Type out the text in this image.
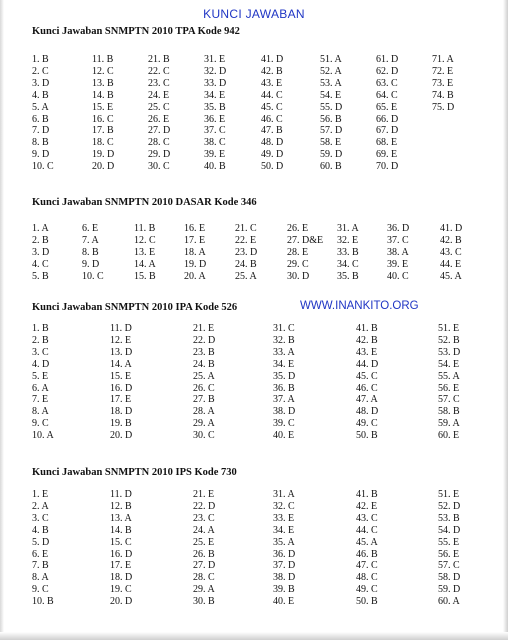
KUNCI JAWABAN
Kunci Jawaban SNMPTN 2010 TPA Kode 942
1. B
2. C
3. D
4. B
5. A
6. B
7. D
8. B
9. D
10. C
11. B
12. C
13. B
14. B
15. E
16. C
17. B
18. C
19. D
20. D
21. B
22. C
23. C
24. E
25. C
26. E
27. D
28. C
29. D
30. C
31. E
32. D
33. D
34. E
35. B
36. E
37. C
38. C
39. E
40. B
41. D
42. B
43. E
44. C
45. C
46. C
47. B
48. D
49. D
50. D
51. A
52. A
53. A
54. E
55. D
56. B
57. D
58. E
59. D
60. B
61. D
62. D
63. C
64. C
65. E
66. D
67. D
68. E
69. E
70. D
71. A
72. E
73. E
74. B
75. D
Kunci Jawaban SNMPTN 2010 DASAR Kode 346
1. A
2. B
3. D
4. C
5. B
6. E
7. A
8. B
9. D
10. C
11. B
12. C
13. E
14. A
15. B
16. E
17. E
18. A
19. D
20. A
21. C
22. E
23. D
24. B
25. A
26. E
27. D&E
28. E
29. C
30. D
31. A
32. E
33. B
34. C
35. B
36. D
37. C
38. A
39. E
40. C
41. D
42. B
43. C
44. E
45. A
Kunci Jawaban SNMPTN 2010 IPA Kode 526	WWW.INANKITO.ORG
1. B
2. B
3. C
4. D
5. E
6. A
7. E
8. A
9. C
10. A
11. D
12. E
13. D
14. A
15. E
16. D
17. E
18. D
19. B
20. D
21. E
22. D
23. B
24. B
25. A
26. C
27. B
28. A
29. A
30. C
31. C
32. B
33. A
34. E
35. D
36. B
37. A
38. D
39. C
40. E
41. B
42. B
43. E
44. D
45. C
46. C
47. A
48. D
49. C
50. B
51. E
52. B
53. D
54. E
55. A
56. E
57. C
58. B
59. A
60. E
Kunci Jawaban SNMPTN 2010 IPS Kode 730
1. E
2. A
3. C
4. B
5. D
6. E
7. B
8. A
9. C
10. B
11. D
12. B
13. A
14. B
15. C
16. D
17. E
18. D
19. C
20. D
21. E
22. D
23. C
24. A
25. E
26. B
27. D
28. C
29. A
30. B
31. A
32. C
33. E
34. E
35. A
36. D
37. D
38. D
39. B
40. E
41. B
42. E
43. C
44. C
45. A
46. B
47. C
48. C
49. C
50. B
51. E
52. D
53. B
54. D
55. E
56. E
57. C
58. D
59. D
60. A
